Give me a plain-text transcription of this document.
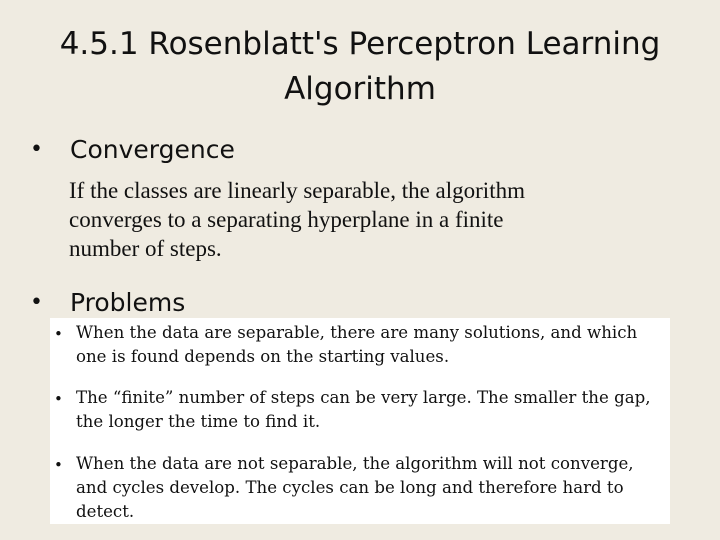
4.5.1 Rosenblatt's Perceptron Learning
Algorithm
•	Convergence
If the classes are linearly separable, the algorithm
converges to a separating hyperplane in a finite
number of steps.
•	Problems
• When the data are separable, there are many solutions, and which
one is found depends on the starting values.
• The “finite” number of steps can be very large. The smaller the gap,
the longer the time to find it.
• When the data are not separable, the algorithm will not converge,
and cycles develop. The cycles can be long and therefore hard to
detect.
